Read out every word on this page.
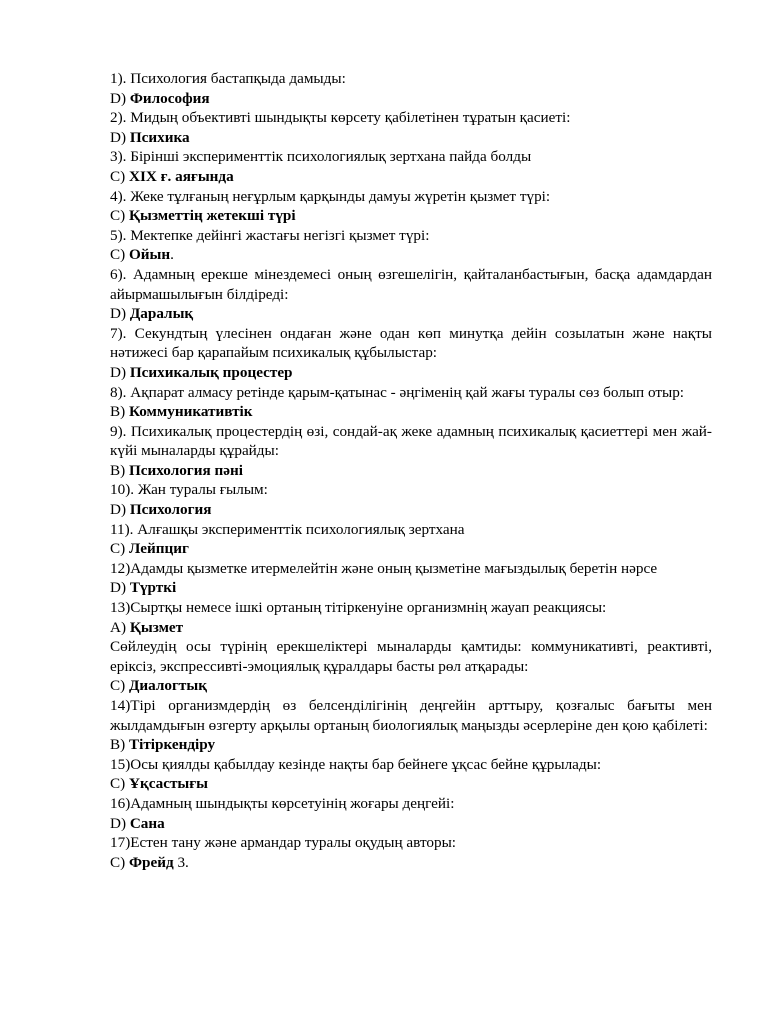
1). Психология бастапқыда дамыды:
D) Философия
2). Мидың объективті шындықты көрсету қабілетінен тұратын қасиеті:
D) Психика
3). Бірінші эксперименттік психологиялық зертхана пайда болды
C) XIX ғ. аяғында
4). Жеке тұлғаның неғұрлым қарқынды дамуы жүретін қызмет түрі:
C) Қызметтің жетекші түрі
5). Мектепке дейінгі жастағы негізгі қызмет түрі:
C) Ойын.
6). Адамның ерекше мінездемесі оның өзгешелігін, қайталанбастығын, басқа адамдардан айырмашылығын білдіреді:
D) Даралық
7). Секундтың үлесінен ондаған және одан көп минутқа дейін созылатын және нақты нәтижесі бар қарапайым психикалық құбылыстар:
D) Психикалық процестер
8). Ақпарат алмасу ретінде қарым-қатынас - әңгіменің қай жағы туралы сөз болып отыр:
B) Коммуникативтік
9). Психикалық процестердің өзі, сондай-ақ жеке адамның психикалық қасиеттері мен жай-күйі мыналарды құрайды:
B) Психология пәні
10). Жан туралы ғылым:
D) Психология
11). Алғашқы эксперименттік психологиялық зертхана
C) Лейпциг
12)Адамды қызметке итермелейтін және оның қызметіне мағыздылық беретін нәрсе
D) Түрткі
13)Сыртқы немесе ішкі ортаның тітіркенуіне организмнің жауап реакциясы:
A) Қызмет
Сөйлеудің осы түрінің ерекшеліктері мыналарды қамтиды: коммуникативті, реактивті, еріксіз, экспрессивті-эмоциялық құралдары басты рөл атқарады:
C) Диалогтық
14)Тірі организмдердің өз белсенділігінің деңгейін арттыру, қозғалыс бағыты мен жылдамдығын өзгерту арқылы ортаның биологиялық маңызды әсерлеріне ден қою қабілеті:
B) Тітіркендіру
15)Осы қиялды қабылдау кезінде нақты бар бейнеге ұқсас бейне құрылады:
C) Ұқсастығы
16)Адамның шындықты көрсетуінің жоғары деңгейі:
D) Сана
17)Естен тану және армандар туралы оқудың авторы:
C) Фрейд 3.
